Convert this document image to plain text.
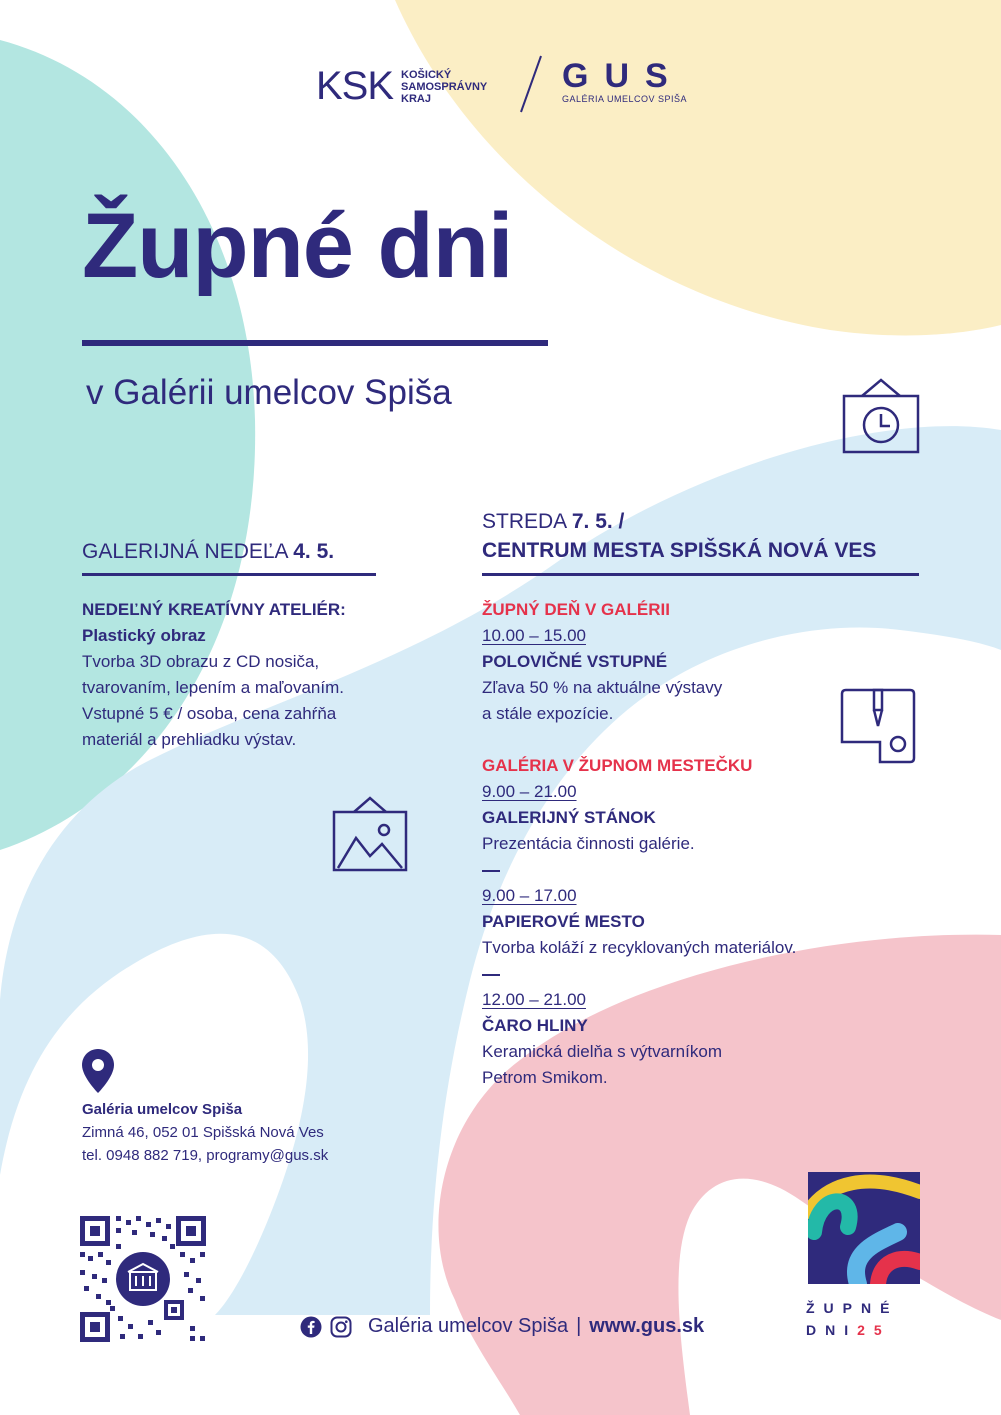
KSK KOŠICKÝ
SAMOSPRÁVNY
KRAJ
GUS
GALÉRIA UMELCOV SPIŠA
Župné dni
v Galérii umelcov Spiša
GALERIJNÁ NEDEĽA 4. 5.
NEDEĽNÝ KREATÍVNY ATELIÉR:
Plastický obraz
Tvorba 3D obrazu z CD nosiča,
tvarovaním, lepením a maľovaním.
Vstupné 5 € / osoba, cena zahŕňa
materiál a prehliadku výstav.
STREDA 7. 5. /
CENTRUM MESTA SPIŠSKÁ NOVÁ VES
ŽUPNÝ DEŇ V GALÉRII
10.00 – 15.00
POLOVIČNÉ VSTUPNÉ
Zľava 50 % na aktuálne výstavy
a stále expozície.
GALÉRIA V ŽUPNOM MESTEČKU
9.00 – 21.00
GALERIJNÝ STÁNOK
Prezentácia činnosti galérie.
9.00 – 17.00
PAPIEROVÉ MESTO
Tvorba koláží z recyklovaných materiálov.
12.00 – 21.00
ČARO HLINY
Keramická dielňa s výtvarníkom
Petrom Smikom.
Galéria umelcov Spiša
Zimná 46, 052 01 Spišská Nová Ves
tel. 0948 882 719, programy@gus.sk
Galéria umelcov Spiša | www.gus.sk
ŽUPNÉ
DNI25
